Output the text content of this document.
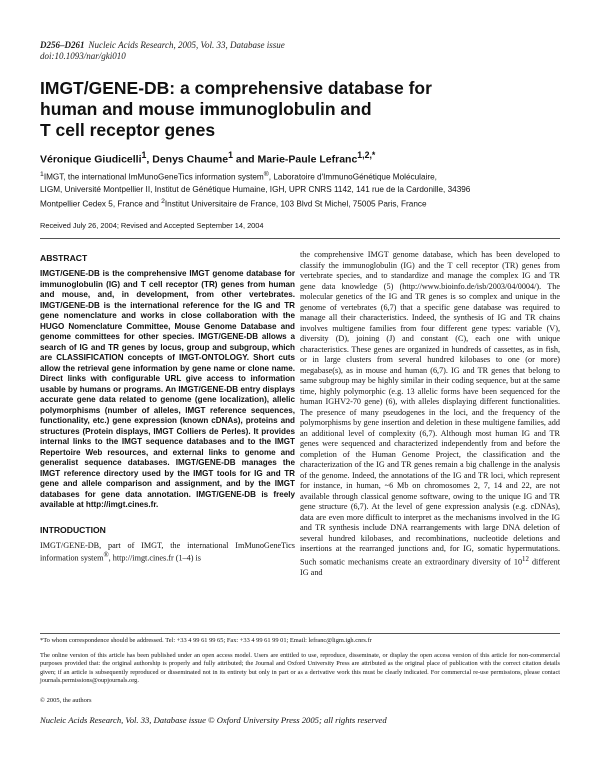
D256–D261 Nucleic Acids Research, 2005, Vol. 33, Database issue
doi:10.1093/nar/gki010
IMGT/GENE-DB: a comprehensive database for
human and mouse immunoglobulin and
T cell receptor genes
Véronique Giudicelli$^1$, Denys Chaume$^1$ and Marie-Paule Lefranc$^{1,2,*}$
$^1$IMGT, the international ImMunoGeneTics information system®, Laboratoire d'ImmunoGénétique Moléculaire,
LIGM, Université Montpellier II, Institut de Génétique Humaine, IGH, UPR CNRS 1142, 141 rue de la Cardonille, 34396
Montpellier Cedex 5, France and $^2$Institut Universitaire de France, 103 Blvd St Michel, 75005 Paris, France
Received July 26, 2004; Revised and Accepted September 14, 2004
ABSTRACT
IMGT/GENE-DB is the comprehensive IMGT genome database for immunoglobulin (IG) and T cell receptor (TR) genes from human and mouse, and, in development, from other vertebrates. IMGT/GENE-DB is the international reference for the IG and TR gene nomenclature and works in close collaboration with the HUGO Nomenclature Committee, Mouse Genome Database and genome committees for other species. IMGT/GENE-DB allows a search of IG and TR genes by locus, group and subgroup, which are CLASSIFICATION concepts of IMGT-ONTOLOGY. Short cuts allow the retrieval gene information by gene name or clone name. Direct links with configurable URL give access to information usable by humans or programs. An IMGT/GENE-DB entry displays accurate gene data related to genome (gene localization), allelic polymorphisms (number of alleles, IMGT reference sequences, functionality, etc.) gene expression (known cDNAs), proteins and structures (Protein displays, IMGT Colliers de Perles). It provides internal links to the IMGT sequence databases and to the IMGT Repertoire Web resources, and external links to genome and generalist sequence databases. IMGT/GENE-DB manages the IMGT reference directory used by the IMGT tools for IG and TR gene and allele comparison and assignment, and by the IMGT databases for gene data annotation. IMGT/GENE-DB is freely available at http://imgt.cines.fr.
INTRODUCTION
IMGT/GENE-DB, part of IMGT, the international ImMunoGeneTics information system®, http://imgt.cines.fr (1–4) is
the comprehensive IMGT genome database, which has been developed to classify the immunoglobulin (IG) and the T cell receptor (TR) genes from vertebrate species, and to standardize and manage the complex IG and TR gene data knowledge (5) (http://www.bioinfo.de/isb/2003/04/0004/). The molecular genetics of the IG and TR genes is so complex and unique in the genome of vertebrates (6,7) that a specific gene database was required to manage all their characteristics. Indeed, the synthesis of IG and TR chains involves multigene families from four different gene types: variable (V), diversity (D), joining (J) and constant (C), each one with unique characteristics. These genes are organized in hundreds of cassettes, as in fish, or in large clusters from several hundred kilobases to one (or more) megabase(s), as in mouse and human (6,7). IG and TR genes that belong to same subgroup may be highly similar in their coding sequence, but at the same time, highly polymorphic (e.g. 13 allelic forms have been sequenced for the human IGHV2-70 gene) (6), with alleles displaying different functionalities. The presence of many pseudogenes in the loci, and the frequency of the polymorphisms by gene insertion and deletion in these multigene families, add an additional level of complexity (6,7). Although most human IG and TR genes were sequenced and characterized independently from and before the completion of the Human Genome Project, the classification and the characterization of the IG and TR genes remain a big challenge in the analysis of the genome. Indeed, the annotations of the IG and TR loci, which represent for instance, in human, ~6 Mb on chromosomes 2, 7, 14 and 22, are not available through classical genome software, owing to the unique IG and TR gene structure (6,7). At the level of gene expression analysis (e.g. cDNAs), data are even more difficult to interpret as the mechanisms involved in the IG and TR synthesis include DNA rearrangements with large DNA deletion of several hundred kilobases, and recombinations, nucleotide deletions and insertions at the rearranged junctions and, for IG, somatic hypermutations. Such somatic mechanisms create an extraordinary diversity of $10^{12}$ different IG and
*To whom correspondence should be addressed. Tel: +33 4 99 61 99 65; Fax: +33 4 99 61 99 01; Email: lefranc@ligm.igh.cnrs.fr
The online version of this article has been published under an open access model. Users are entitled to use, reproduce, disseminate, or display the open access version of this article for non-commercial purposes provided that: the original authorship is properly and fully attributed; the Journal and Oxford University Press are attributed as the original place of publication with the correct citation details given; if an article is subsequently reproduced or disseminated not in its entirety but only in part or as a derivative work this must be clearly indicated. For commercial re-use permissions, please contact journals.permissions@oupjournals.org.
© 2005, the authors
Nucleic Acids Research, Vol. 33, Database issue © Oxford University Press 2005; all rights reserved
